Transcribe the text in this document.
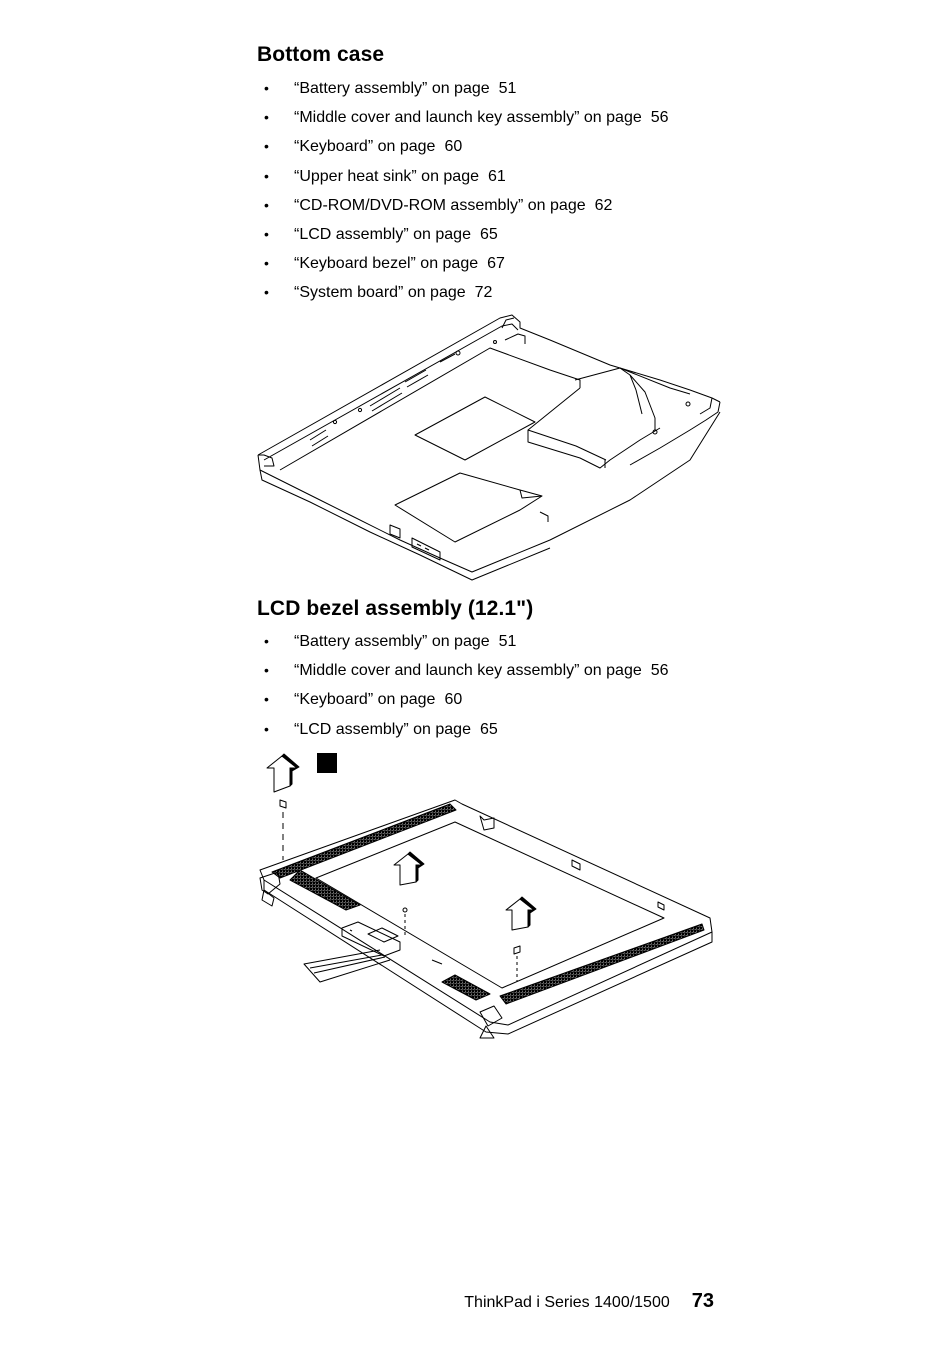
Bottom case
• “Battery assembly” on page 51
• “Middle cover and launch key assembly” on page 56
• “Keyboard” on page 60
• “Upper heat sink” on page 61
• “CD-ROM/DVD-ROM assembly” on page 62
• “LCD assembly” on page 65
• “Keyboard bezel” on page 67
• “System board” on page 72
LCD bezel assembly (12.1")
• “Battery assembly” on page 51
• “Middle cover and launch key assembly” on page 56
• “Keyboard” on page 60
• “LCD assembly” on page 65
ThinkPad i Series 1400/1500 73
